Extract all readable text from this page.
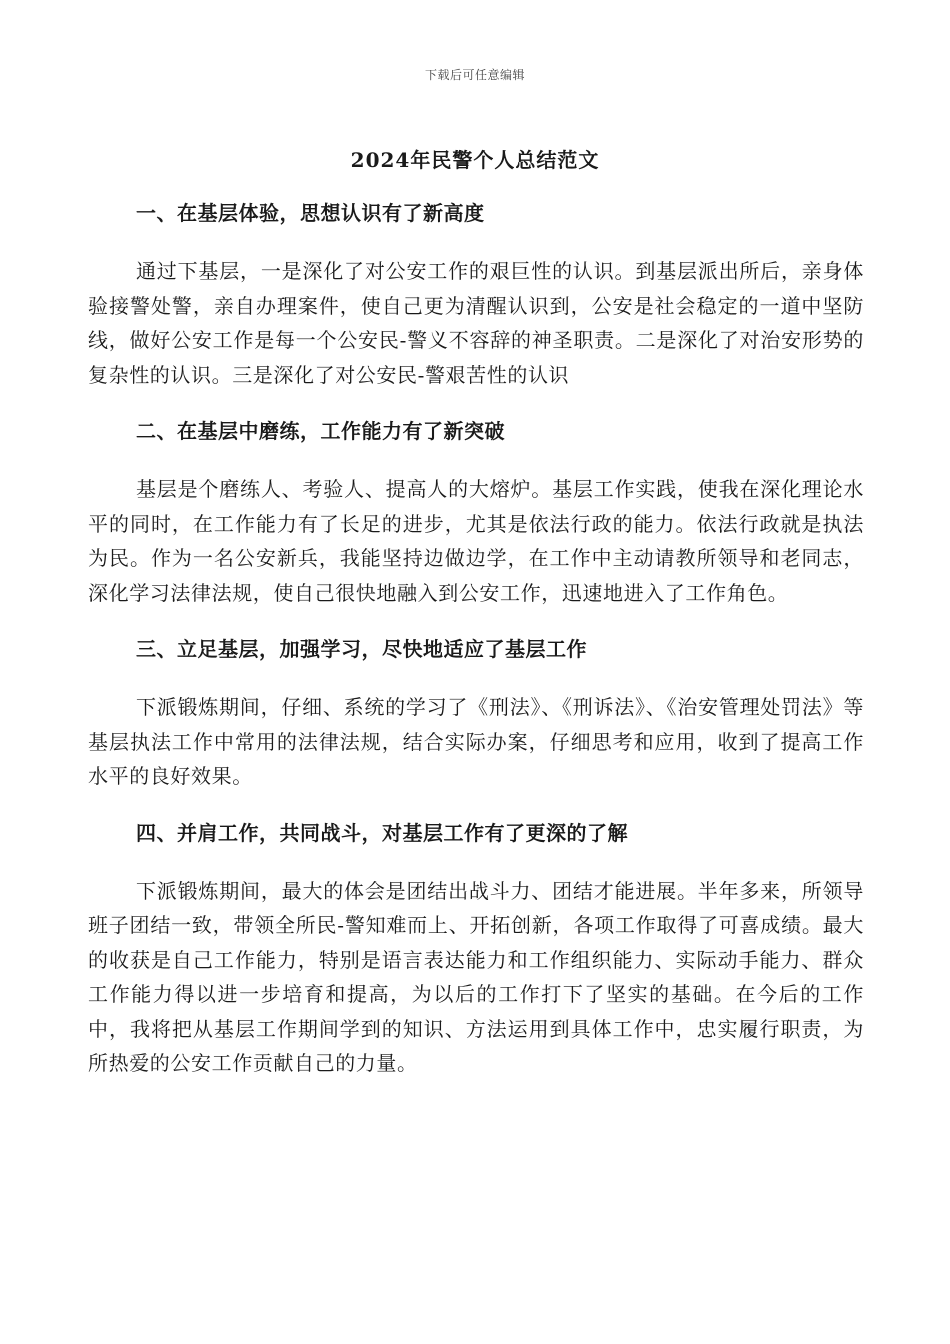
下载后可任意编辑
2024年民警个人总结范文
一、在基层体验，思想认识有了新高度

通过下基层，一是深化了对公安工作的艰巨性的认识。到基层派出所后，亲身体验接警处警，亲自办理案件，使自己更为清醒认识到，公安是社会稳定的一道中坚防线，做好公安工作是每一个公安民-警义不容辞的神圣职责。二是深化了对治安形势的复杂性的认识。三是深化了对公安民-警艰苦性的认识

二、在基层中磨练，工作能力有了新突破

基层是个磨练人、考验人、提高人的大熔炉。基层工作实践，使我在深化理论水平的同时，在工作能力有了长足的进步，尤其是依法行政的能力。依法行政就是执法为民。作为一名公安新兵，我能坚持边做边学，在工作中主动请教所领导和老同志，深化学习法律法规，使自己很快地融入到公安工作，迅速地进入了工作角色。

三、立足基层，加强学习，尽快地适应了基层工作

下派锻炼期间，仔细、系统的学习了《刑法》、《刑诉法》、《治安管理处罚法》等基层执法工作中常用的法律法规，结合实际办案，仔细思考和应用，收到了提高工作水平的良好效果。

四、并肩工作，共同战斗，对基层工作有了更深的了解

下派锻炼期间，最大的体会是团结出战斗力、团结才能进展。半年多来，所领导班子团结一致，带领全所民-警知难而上、开拓创新，各项工作取得了可喜成绩。最大的收获是自己工作能力，特别是语言表达能力和工作组织能力、实际动手能力、群众工作能力得以进一步培育和提高，为以后的工作打下了坚实的基础。在今后的工作中，我将把从基层工作期间学到的知识、方法运用到具体工作中，忠实履行职责，为所热爱的公安工作贡献自己的力量。
